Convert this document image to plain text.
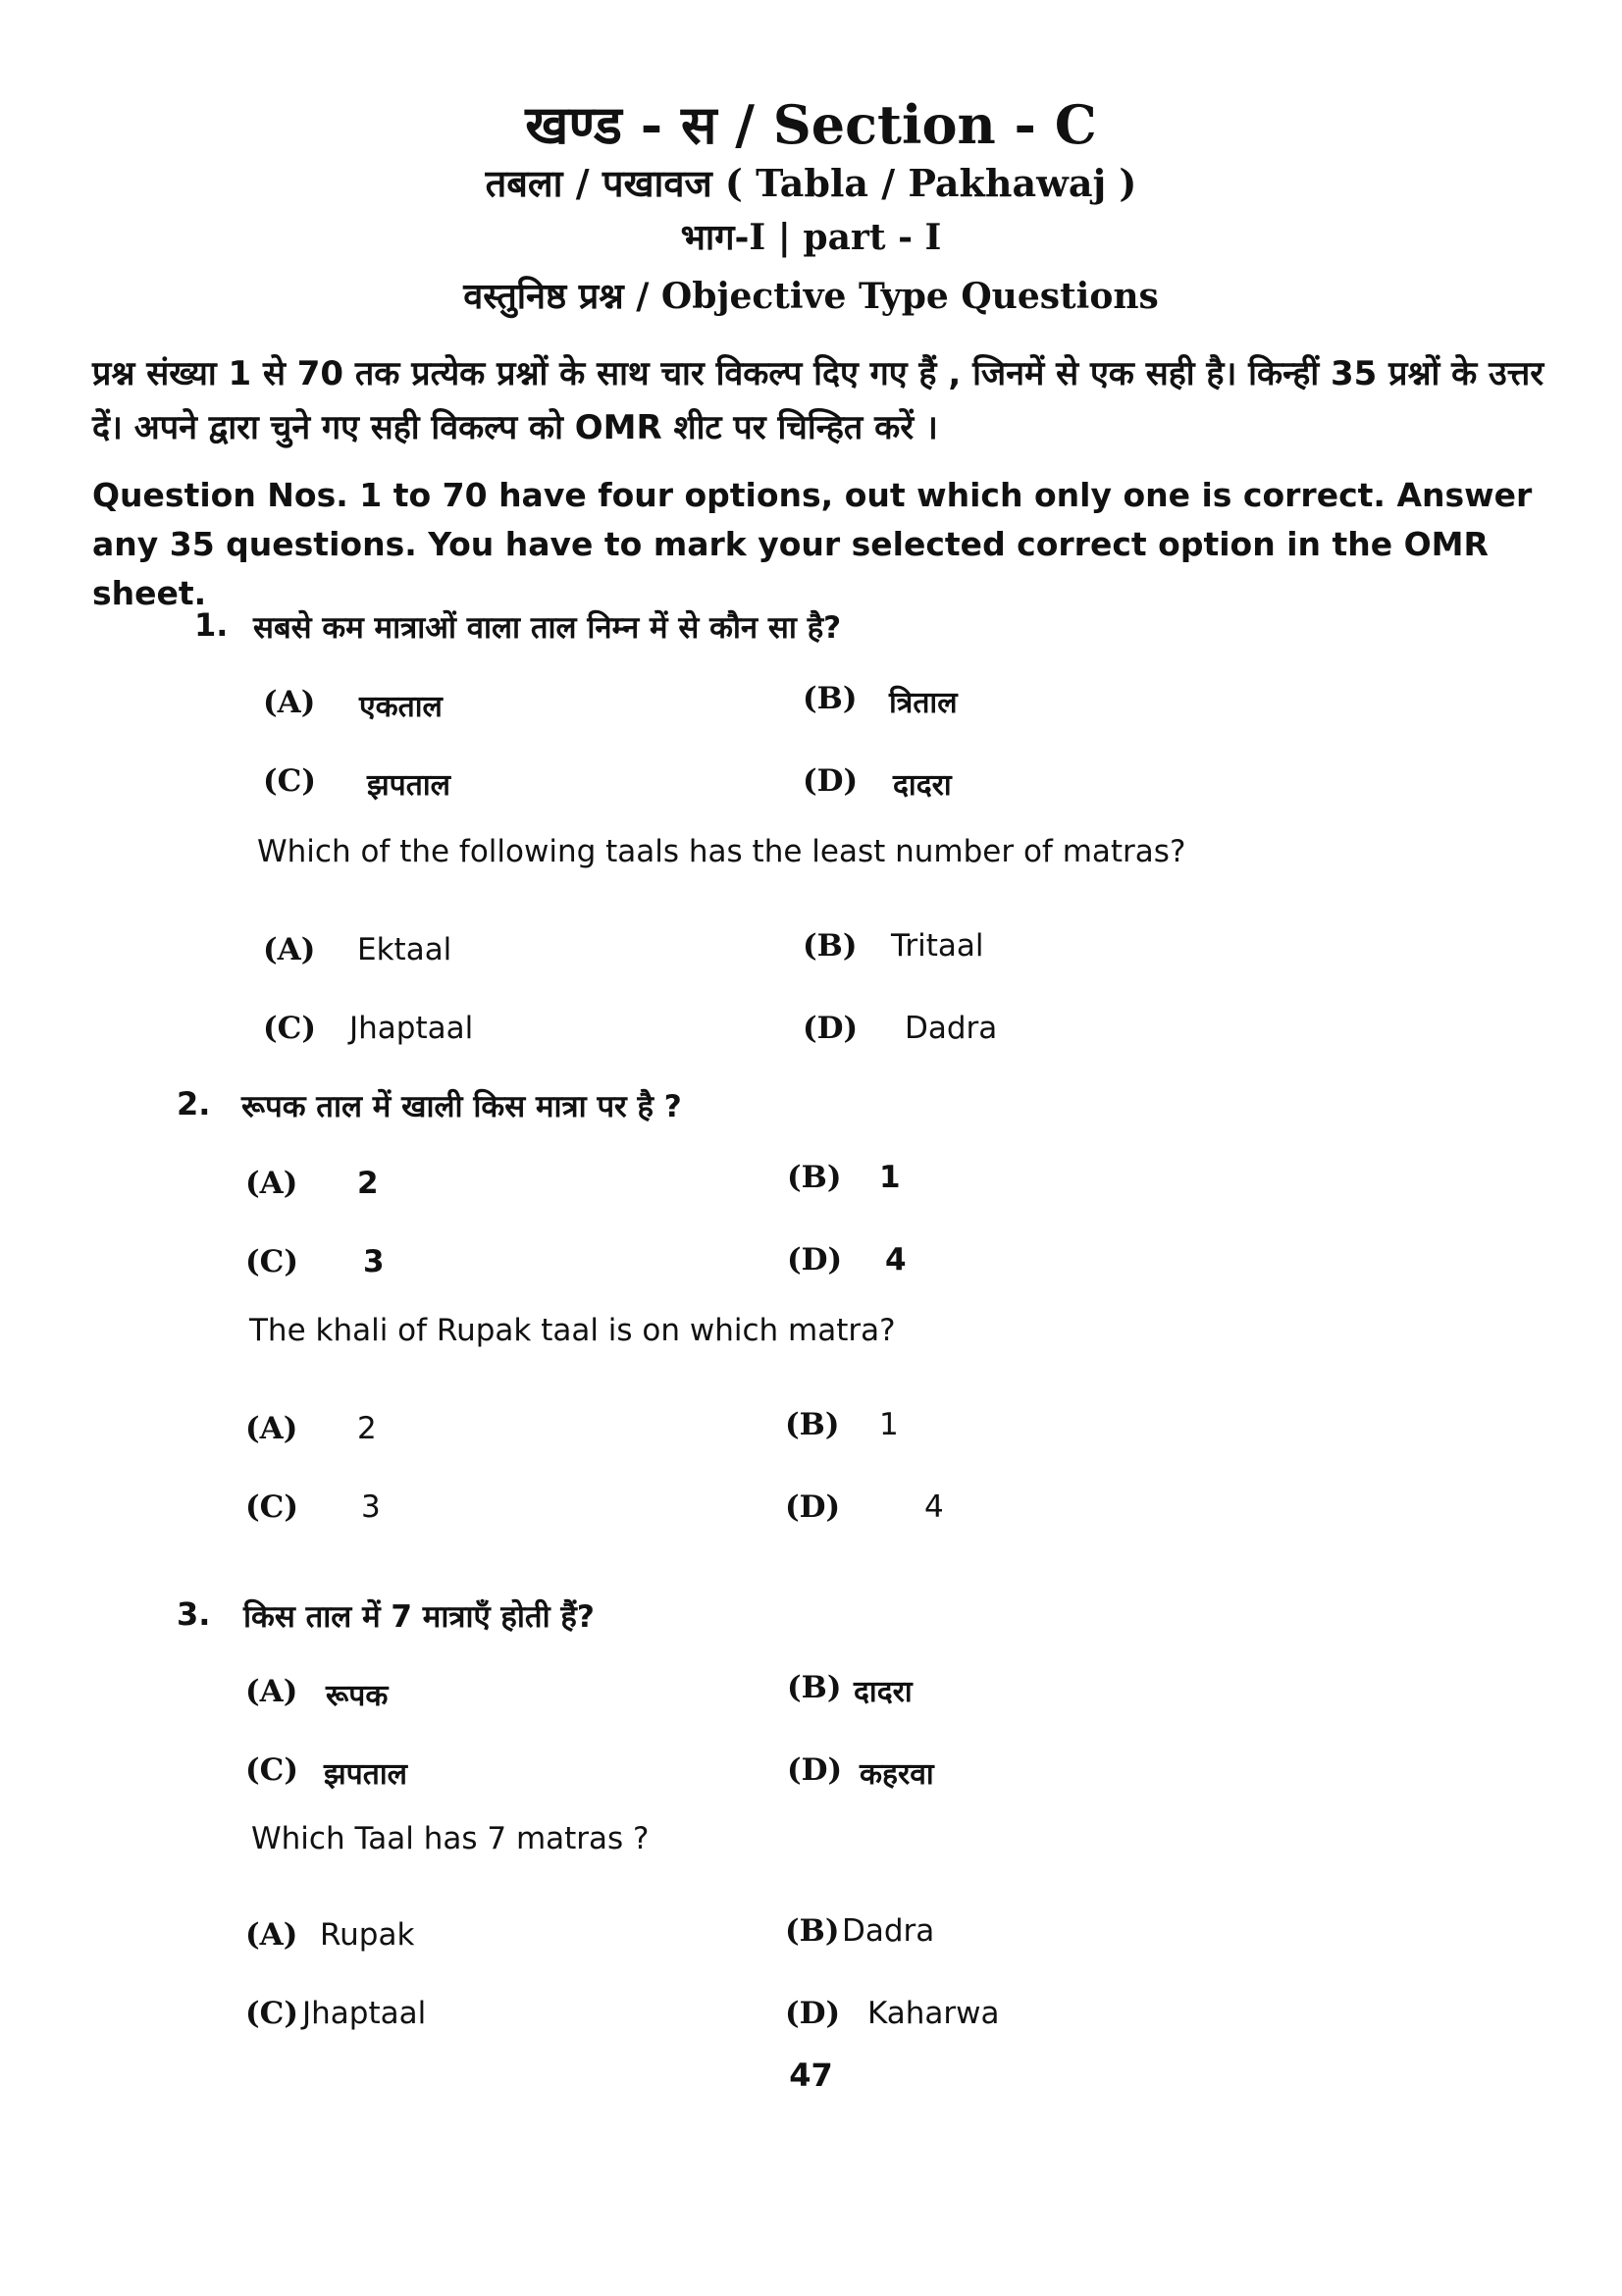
खण्ड - स / Section - C
तबला / पखावज ( Tabla / Pakhawaj )
भाग-I | part - I
वस्तुनिष्ठ प्रश्न / Objective Type Questions
प्रश्न संख्या 1 से 70 तक प्रत्येक प्रश्नों के साथ चार विकल्प दिए गए हैं , जिनमें से एक सही है। किन्हीं 35 प्रश्नों के उत्तर दें। अपने द्वारा चुने गए सही विकल्प को OMR शीट पर चिन्हित करें ।
Question Nos. 1 to 70 have four options, out which only one is correct. Answer any 35 questions. You have to mark your selected correct option in the OMR sheet.
1. सबसे कम मात्राओं वाला ताल निम्न में से कौन सा है?
(A) एकताल	(B) त्रिताल
(C) झपताल	(D) दादरा
Which of the following taals has the least number of matras?
(A) Ektaal	(B) Tritaal
(C) Jhaptaal	(D) Dadra
2. रूपक ताल में खाली किस मात्रा पर है ?
(A) 2	(B) 1
(C) 3	(D) 4
The khali of Rupak taal is on which matra?
(A) 2	(B) 1
(C) 3	(D)	4
3. किस ताल में 7 मात्राएँ होती हैं?
(A) रूपक	(B) दादरा
(C) झपताल	(D) कहरवा
Which Taal has 7 matras ?
(A) Rupak	(B) Dadra
(C) Jhaptaal	(D) Kaharwa
47
